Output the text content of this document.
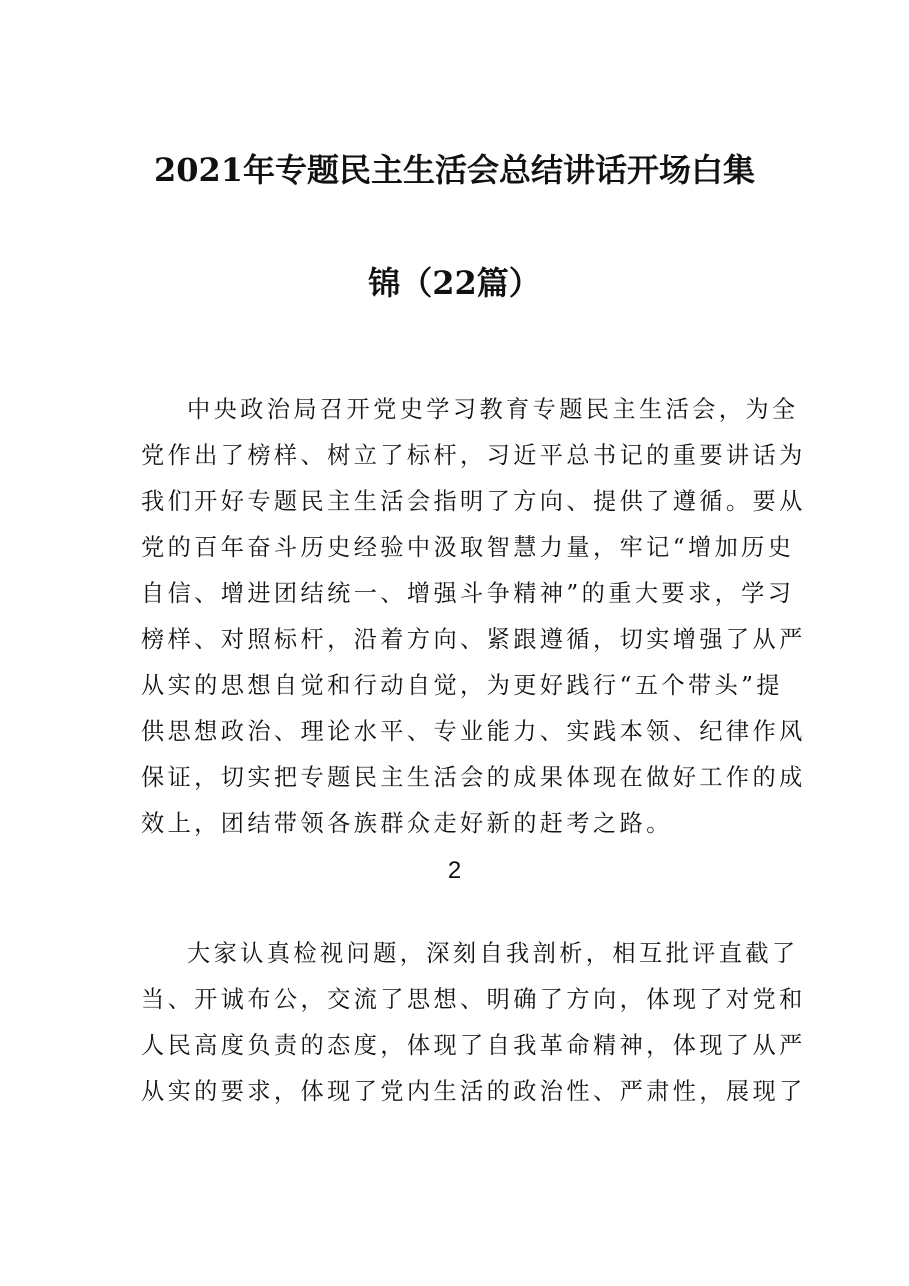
2021年专题民主生活会总结讲话开场白集
锦（22篇）
中央政治局召开党史学习教育专题民主生活会，为全
党作出了榜样、树立了标杆，习近平总书记的重要讲话为
我们开好专题民主生活会指明了方向、提供了遵循。要从
党的百年奋斗历史经验中汲取智慧力量，牢记“增加历史
自信、增进团结统一、增强斗争精神”的重大要求，学习
榜样、对照标杆，沿着方向、紧跟遵循，切实增强了从严
从实的思想自觉和行动自觉，为更好践行“五个带头”提
供思想政治、理论水平、专业能力、实践本领、纪律作风
保证，切实把专题民主生活会的成果体现在做好工作的成
效上，团结带领各族群众走好新的赶考之路。
2
大家认真检视问题，深刻自我剖析，相互批评直截了
当、开诚布公，交流了思想、明确了方向，体现了对党和
人民高度负责的态度，体现了自我革命精神，体现了从严
从实的要求，体现了党内生活的政治性、严肃性，展现了
